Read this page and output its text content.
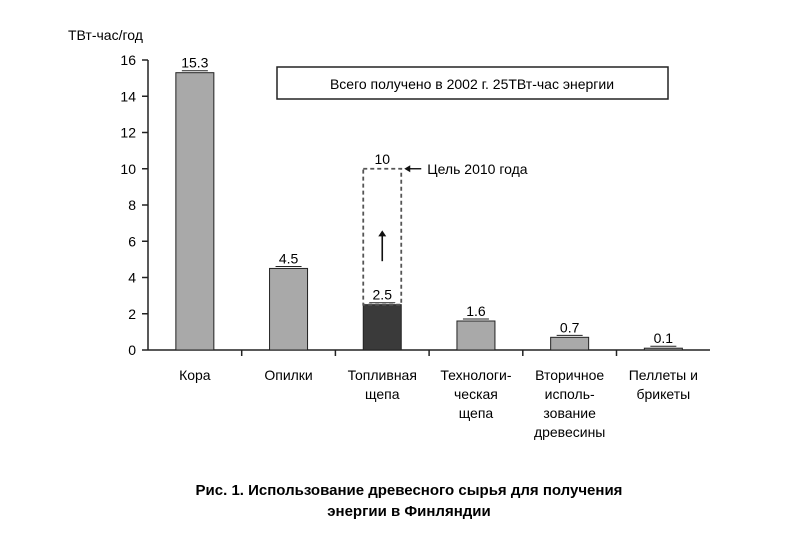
ТВт-час/год
0
2
4
6
8
10
12
14
16
10
Цель 2010 года
15.3
4.5
2.5
1.6
0.7
0.1
Кора	Опилки Топливная
щепа
Технологи-
ческая
щепа
Вторичное
исполь-
зование
древесины
Пеллеты и
брикеты
Всего получено в 2002 г. 25ТВт-час энергии
Рис. 1. Использование древесного сырья для получения
энергии в Финляндии
